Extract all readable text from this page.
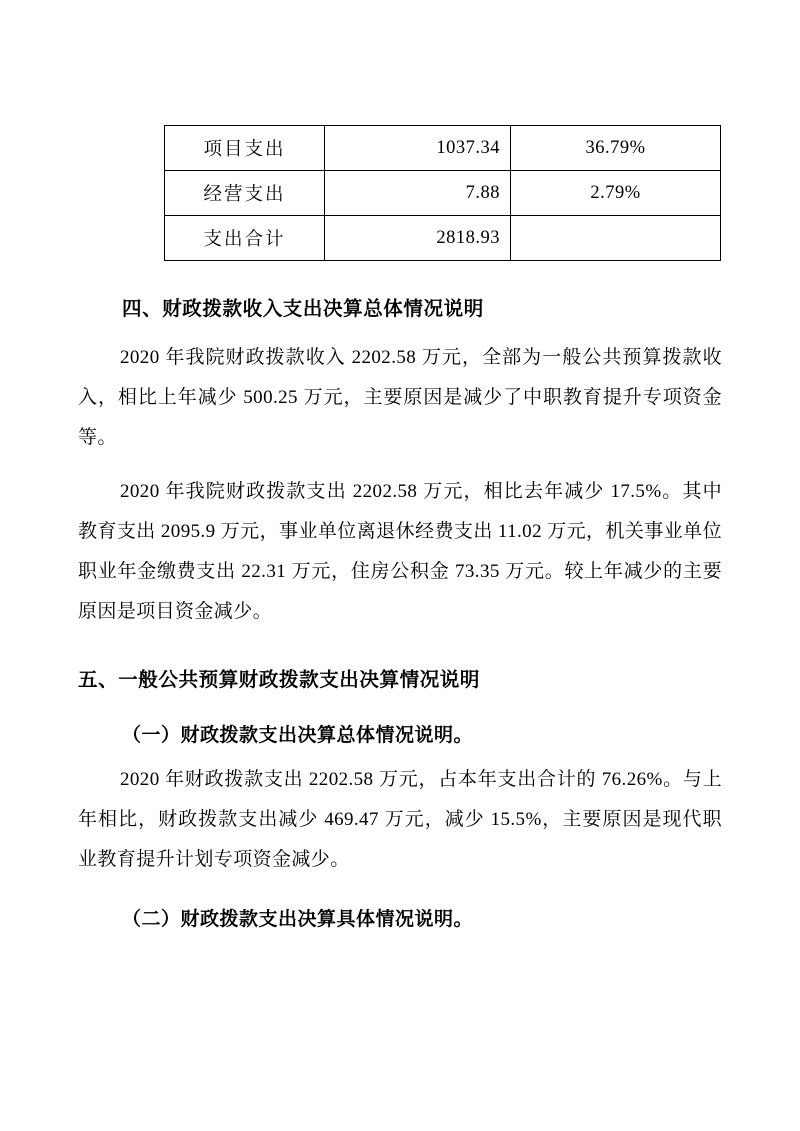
项目支出	1037.34	36.79%
经营支出	7.88	2.79%
支出合计	2818.93	
四、财政拨款收入支出决算总体情况说明

2020 年我院财政拨款收入 2202.58 万元，全部为一般公共预算拨款收入，相比上年减少 500.25 万元，主要原因是减少了中职教育提升专项资金等。

2020 年我院财政拨款支出 2202.58 万元，相比去年减少 17.5%。其中教育支出 2095.9 万元，事业单位离退休经费支出 11.02 万元，机关事业单位职业年金缴费支出 22.31 万元，住房公积金 73.35 万元。较上年减少的主要原因是项目资金减少。

五、一般公共预算财政拨款支出决算情况说明
（一）财政拨款支出决算总体情况说明。

2020 年财政拨款支出 2202.58 万元，占本年支出合计的 76.26%。与上年相比，财政拨款支出减少 469.47 万元，减少 15.5%，主要原因是现代职业教育提升计划专项资金减少。

（二）财政拨款支出决算具体情况说明。
